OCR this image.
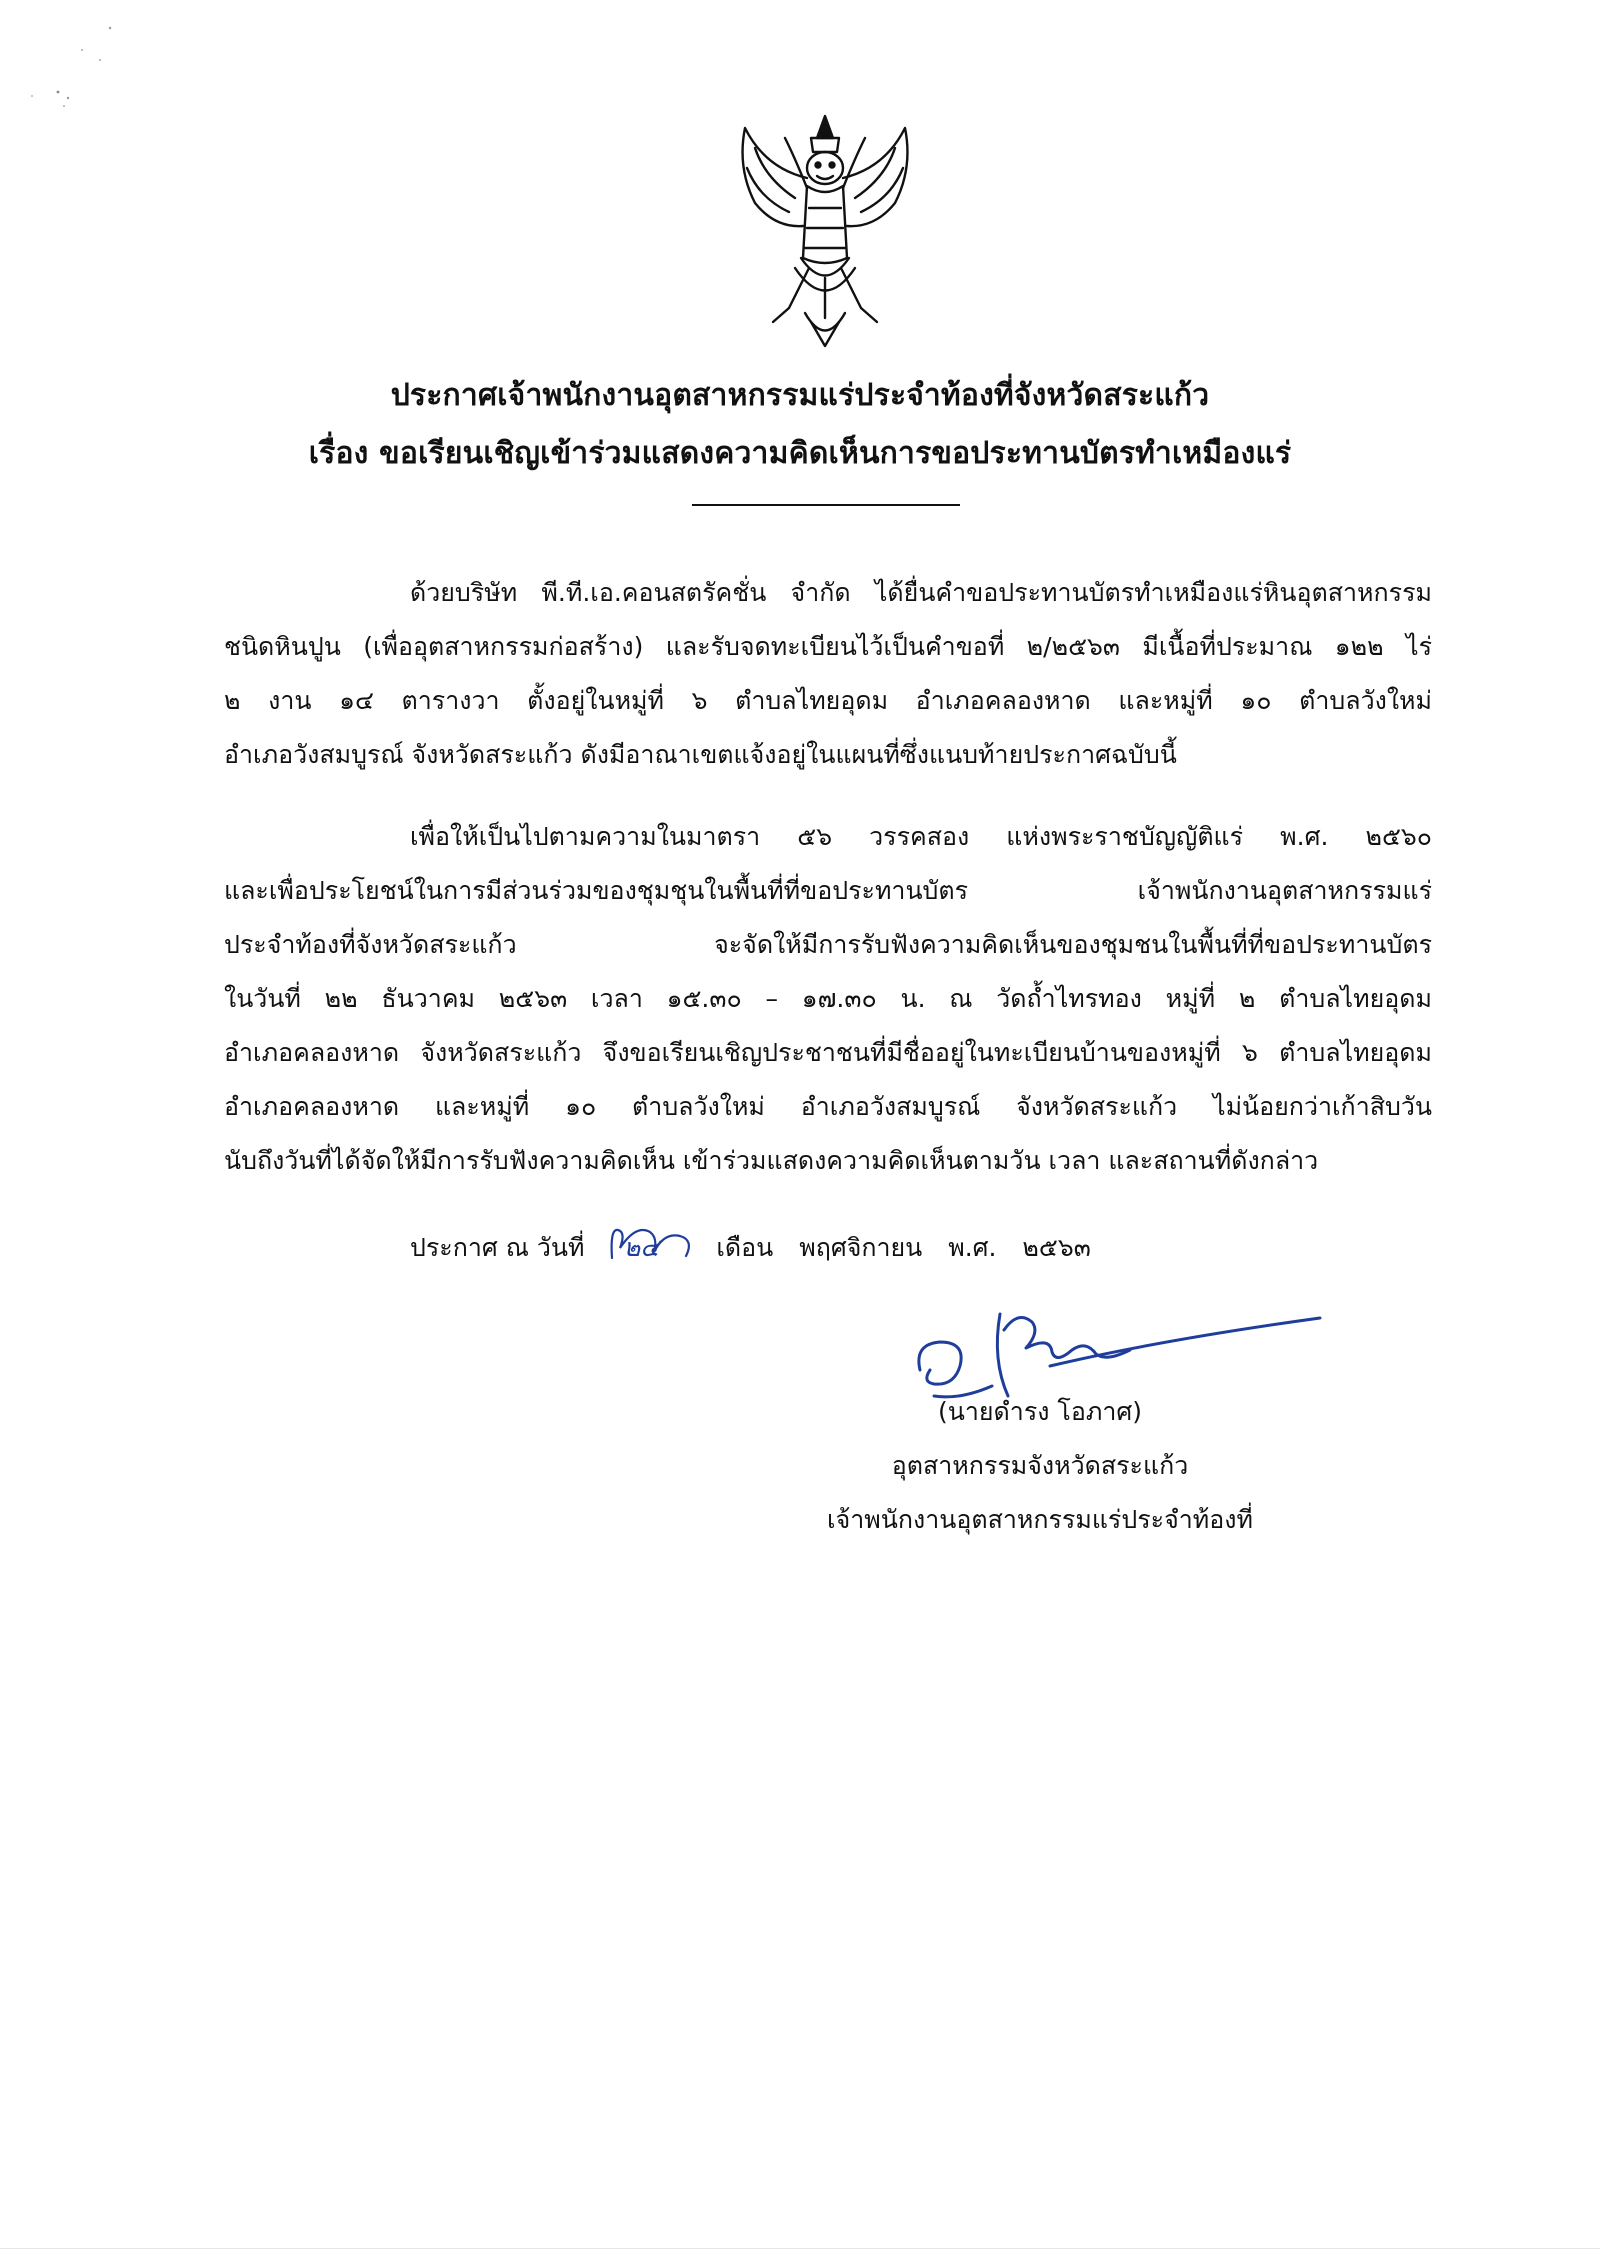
ประกาศเจ้าพนักงานอุตสาหกรรมแร่ประจำท้องที่จังหวัดสระแก้ว
เรื่อง ขอเรียนเชิญเข้าร่วมแสดงความคิดเห็นการขอประทานบัตรทำเหมืองแร่
ด้วยบริษัท พี.ที.เอ.คอนสตรัคชั่น จำกัด ได้ยื่นคำขอประทานบัตรทำเหมืองแร่หินอุตสาหกรรม
ชนิดหินปูน (เพื่ออุตสาหกรรมก่อสร้าง) และรับจดทะเบียนไว้เป็นคำขอที่ ๒/๒๕๖๓ มีเนื้อที่ประมาณ ๑๒๒ ไร่
๒ งาน ๑๔ ตารางวา ตั้งอยู่ในหมู่ที่ ๖ ตำบลไทยอุดม อำเภอคลองหาด และหมู่ที่ ๑๐ ตำบลวังใหม่
อำเภอวังสมบูรณ์ จังหวัดสระแก้ว ดังมีอาณาเขตแจ้งอยู่ในแผนที่ซึ่งแนบท้ายประกาศฉบับนี้
เพื่อให้เป็นไปตามความในมาตรา ๕๖ วรรคสอง แห่งพระราชบัญญัติแร่ พ.ศ. ๒๕๖๐
และเพื่อประโยชน์ในการมีส่วนร่วมของชุมชุนในพื้นที่ที่ขอประทานบัตร เจ้าพนักงานอุตสาหกรรมแร่
ประจำท้องที่จังหวัดสระแก้ว จะจัดให้มีการรับฟังความคิดเห็นของชุมชนในพื้นที่ที่ขอประทานบัตร
ในวันที่ ๒๒ ธันวาคม ๒๕๖๓ เวลา ๑๕.๓๐ – ๑๗.๓๐ น. ณ วัดถ้ำไทรทอง หมู่ที่ ๒ ตำบลไทยอุดม
อำเภอคลองหาด จังหวัดสระแก้ว จึงขอเรียนเชิญประชาชนที่มีชื่ออยู่ในทะเบียนบ้านของหมู่ที่ ๖ ตำบลไทยอุดม
อำเภอคลองหาด และหมู่ที่ ๑๐ ตำบลวังใหม่ อำเภอวังสมบูรณ์ จังหวัดสระแก้ว ไม่น้อยกว่าเก้าสิบวัน
นับถึงวันที่ได้จัดให้มีการรับฟังความคิดเห็น เข้าร่วมแสดงความคิดเห็นตามวัน เวลา และสถานที่ดังกล่าว
ประกาศ ณ วันที่ ๒๔ เดือน พฤศจิกายน พ.ศ. ๒๕๖๓
(นายดำรง โอภาศ)
อุตสาหกรรมจังหวัดสระแก้ว
เจ้าพนักงานอุตสาหกรรมแร่ประจำท้องที่
